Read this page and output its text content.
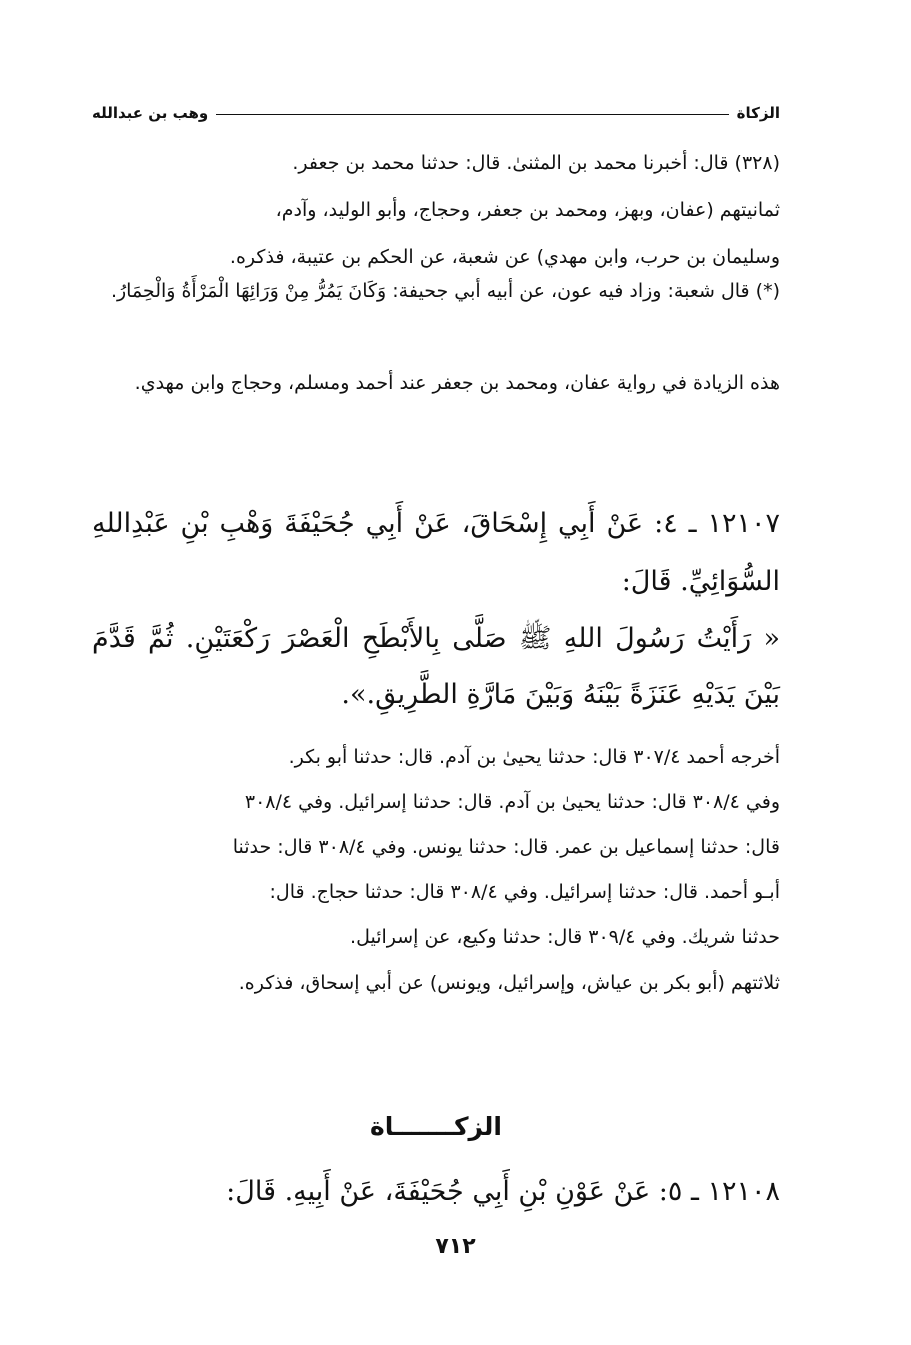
الزكاة
وهب بن عبدالله

(٣٢٨) قال: أخبرنا محمد بن المثنىٰ. قال: حدثنا محمد بن جعفر.

ثمانيتهم (عفان، وبهز، ومحمد بن جعفر، وحجاج، وأبو الوليد، وآدم،

وسليمان بن حرب، وابن مهدي) عن شعبة، عن الحكم بن عتيبة، فذكره.

(*) قال شعبة: وزاد فيه عون، عن أبيه أبي جحيفة: وَكَانَ يَمُرُّ مِنْ وَرَائِهَا الْمَرْأَةُ وَالْحِمَارُ.

هذه الزيادة في رواية عفان، ومحمد بن جعفر عند أحمد ومسلم، وحجاج وابن مهدي.

١٢١٠٧ ـ ٤: عَنْ أَبِي إِسْحَاقَ، عَنْ أَبِي جُحَيْفَةَ وَهْبِ بْنِ عَبْدِاللهِ السُّوَائِيِّ. قَالَ:

« رَأَيْتُ رَسُولَ اللهِ ﷺ صَلَّى بِالأَبْطَحِ الْعَصْرَ رَكْعَتَيْنِ. ثُمَّ قَدَّمَ بَيْنَ يَدَيْهِ عَنَزَةً بَيْنَهُ وَبَيْنَ مَارَّةِ الطَّرِيقِ.».

أخرجه أحمد ٣٠٧/٤ قال: حدثنا يحيىٰ بن آدم. قال: حدثنا أبو بكر.

وفي ٣٠٨/٤ قال: حدثنا يحيىٰ بن آدم. قال: حدثنا إسرائيل. وفي ٣٠٨/٤

قال: حدثنا إسماعيل بن عمر. قال: حدثنا يونس. وفي ٣٠٨/٤ قال: حدثنا

أبـو أحمد. قال: حدثنا إسرائيل. وفي ٣٠٨/٤ قال: حدثنا حجاج. قال:

حدثنا شريك. وفي ٣٠٩/٤ قال: حدثنا وكيع، عن إسرائيل.

ثلاثتهم (أبو بكر بن عياش، وإسرائيل، ويونس) عن أبي إسحاق، فذكره.

الزكـــــــاة

١٢١٠٨ ـ ٥: عَنْ عَوْنِ بْنِ أَبِي جُحَيْفَةَ، عَنْ أَبِيهِ. قَالَ:

٧١٢
